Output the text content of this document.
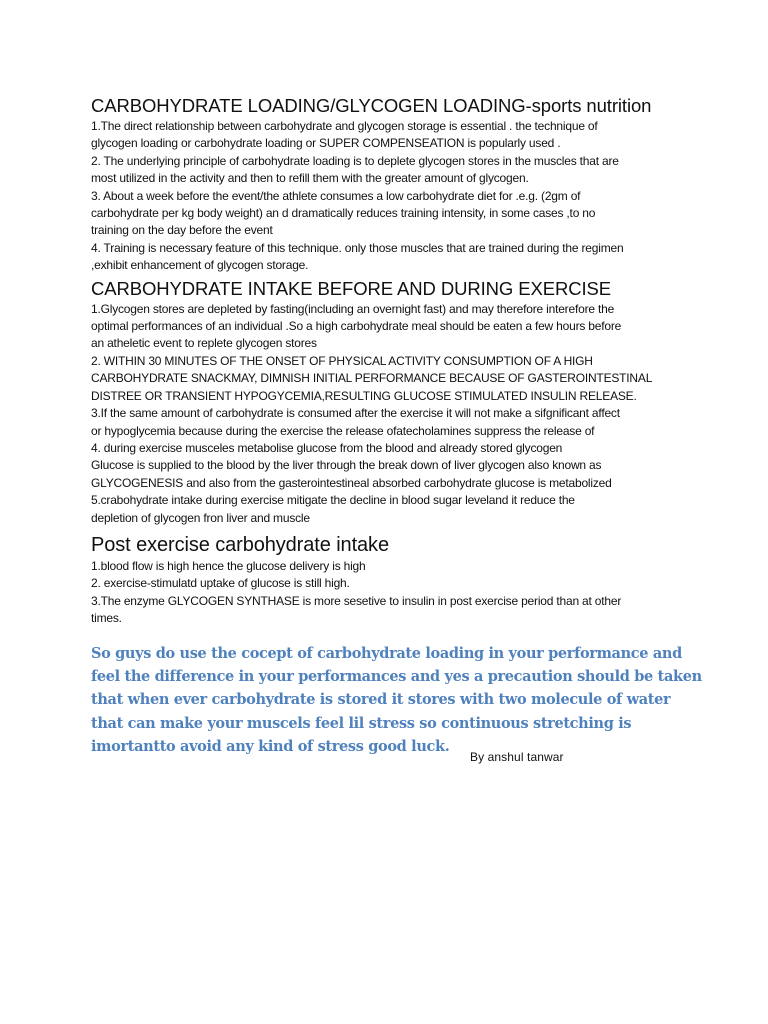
CARBOHYDRATE LOADING/GLYCOGEN LOADING-sports nutrition
1.The direct relationship between carbohydrate and glycogen storage is essential . the technique of
glycogen loading or carbohydrate loading or SUPER COMPENSEATION is popularly used .
2. The underlying principle of carbohydrate loading is to deplete glycogen stores in the muscles that are
most utilized in the activity and then to refill them with the greater amount of glycogen.
3. About a week before the event/the athlete consumes a low carbohydrate diet for .e.g. (2gm of
carbohydrate per kg body weight) an d dramatically reduces training intensity, in some cases ,to no
training on the day before the event
4. Training is necessary feature of this technique. only those muscles that are trained during the regimen
,exhibit enhancement of glycogen storage.
CARBOHYDRATE INTAKE BEFORE AND DURING EXERCISE
1.Glycogen stores are depleted by fasting(including an overnight fast) and may therefore interefore the
optimal performances of an individual .So a high carbohydrate meal should be eaten a few hours before
an atheletic event to replete glycogen stores
2. WITHIN 30 MINUTES OF THE ONSET OF PHYSICAL ACTIVITY CONSUMPTION OF A HIGH
CARBOHYDRATE SNACKMAY, DIMNISH INITIAL PERFORMANCE BECAUSE OF GASTEROINTESTINAL
DISTREE OR TRANSIENT HYPOGYCEMIA,RESULTING GLUCOSE STIMULATED INSULIN RELEASE.
3.If the same amount of carbohydrate is consumed after the exercise it will not make a sifgnificant affect
or hypoglycemia because during the exercise the release ofatecholamines suppress the release of
4. during exercise musceles metabolise glucose from the blood and already stored glycogen
Glucose is supplied to the blood by the liver through the break down of liver glycogen also known as
GLYCOGENESIS and also from the gasterointestineal absorbed carbohydrate glucose is metabolized
5.crabohydrate intake during exercise mitigate the decline in blood sugar leveland it reduce the
depletion of glycogen fron liver and muscle
Post exercise carbohydrate intake
1.blood flow is high hence the glucose delivery is high
2. exercise-stimulatd uptake of glucose is still high.
3.The enzyme GLYCOGEN SYNTHASE is more sesetive to insulin in post exercise period than at other
times.
So guys do use the cocept of carbohydrate loading in your performance and
feel the difference in your performances and yes a precaution should be taken
that when ever carbohydrate is stored it stores with two molecule of water
that can make your muscels feel lil stress so continuous stretching is
imortantto avoid any kind of stress good luck.
By anshul tanwar
